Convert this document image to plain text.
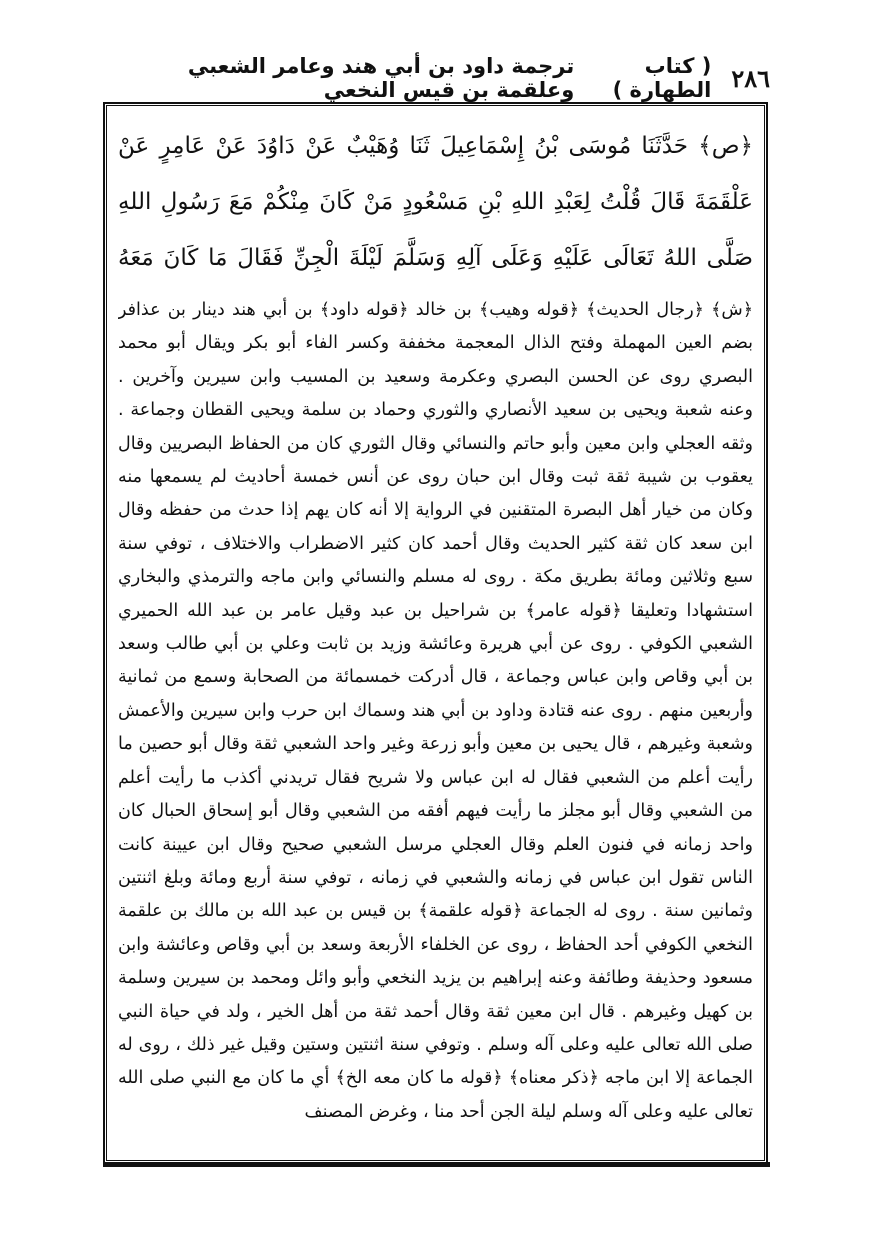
٢٨٦
( كتاب الطهارة )
ترجمة داود بن أبي هند وعامر الشعبي وعلقمة بن قيس النخعي
﴿ص﴾ حَدَّثَنَا مُوسَى بْنُ إِسْمَاعِيلَ ثَنَا وُهَيْبٌ عَنْ دَاوُدَ عَنْ عَامِرٍ عَنْ عَلْقَمَةَ قَالَ قُلْتُ لِعَبْدِ اللهِ بْنِ مَسْعُودٍ مَنْ كَانَ مِنْكُمْ مَعَ رَسُولِ اللهِ صَلَّى اللهُ تَعَالَى عَلَيْهِ وَعَلَى آلِهِ وَسَلَّمَ لَيْلَةَ الْجِنِّ فَقَالَ مَا كَانَ مَعَهُ

﴿ش﴾ ﴿رجال الحديث﴾ ﴿قوله وهيب﴾ بن خالد ﴿قوله داود﴾ بن أبي هند دينار بن عذافر بضم العين المهملة وفتح الذال المعجمة مخففة وكسر الفاء أبو بكر ويقال أبو محمد البصري روى عن الحسن البصري وعكرمة وسعيد بن المسيب وابن سيرين وآخرين . وعنه شعبة ويحيى بن سعيد الأنصاري والثوري وحماد بن سلمة ويحيى القطان وجماعة . وثقه العجلي وابن معين وأبو حاتم والنسائي وقال الثوري كان من الحفاظ البصريين وقال يعقوب بن شيبة ثقة ثبت وقال ابن حبان روى عن أنس خمسة أحاديث لم يسمعها منه وكان من خيار أهل البصرة المتقنين في الرواية إلا أنه كان يهم إذا حدث من حفظه وقال ابن سعد كان ثقة كثير الحديث وقال أحمد كان كثير الاضطراب والاختلاف ، توفي سنة سبع وثلاثين ومائة بطريق مكة . روى له مسلم والنسائي وابن ماجه والترمذي والبخاري استشهادا وتعليقا ﴿قوله عامر﴾ بن شراحيل بن عبد وقيل عامر بن عبد الله الحميري الشعبي الكوفي . روى عن أبي هريرة وعائشة وزيد بن ثابت وعلي بن أبي طالب وسعد بن أبي وقاص وابن عباس وجماعة ، قال أدركت خمسمائة من الصحابة وسمع من ثمانية وأربعين منهم . روى عنه قتادة وداود بن أبي هند وسماك ابن حرب وابن سيرين والأعمش وشعبة وغيرهم ، قال يحيى بن معين وأبو زرعة وغير واحد الشعبي ثقة وقال أبو حصين ما رأيت أعلم من الشعبي فقال له ابن عباس ولا شريح فقال تريدني أكذب ما رأيت أعلم من الشعبي وقال أبو مجلز ما رأيت فيهم أفقه من الشعبي وقال أبو إسحاق الحبال كان واحد زمانه في فنون العلم وقال العجلي مرسل الشعبي صحيح وقال ابن عيينة كانت الناس تقول ابن عباس في زمانه والشعبي في زمانه ، توفي سنة أربع ومائة وبلغ اثنتين وثمانين سنة . روى له الجماعة ﴿قوله علقمة﴾ بن قيس بن عبد الله بن مالك بن علقمة النخعي الكوفي أحد الحفاظ ، روى عن الخلفاء الأربعة وسعد بن أبي وقاص وعائشة وابن مسعود وحذيفة وطائفة وعنه إبراهيم بن يزيد النخعي وأبو وائل ومحمد بن سيرين وسلمة بن كهيل وغيرهم . قال ابن معين ثقة وقال أحمد ثقة من أهل الخير ، ولد في حياة النبي صلى الله تعالى عليه وعلى آله وسلم . وتوفي سنة اثنتين وستين وقيل غير ذلك ، روى له الجماعة إلا ابن ماجه ﴿ذكر معناه﴾ ﴿قوله ما كان معه الخ﴾ أي ما كان مع النبي صلى الله تعالى عليه وعلى آله وسلم ليلة الجن أحد منا ، وغرض المصنف
